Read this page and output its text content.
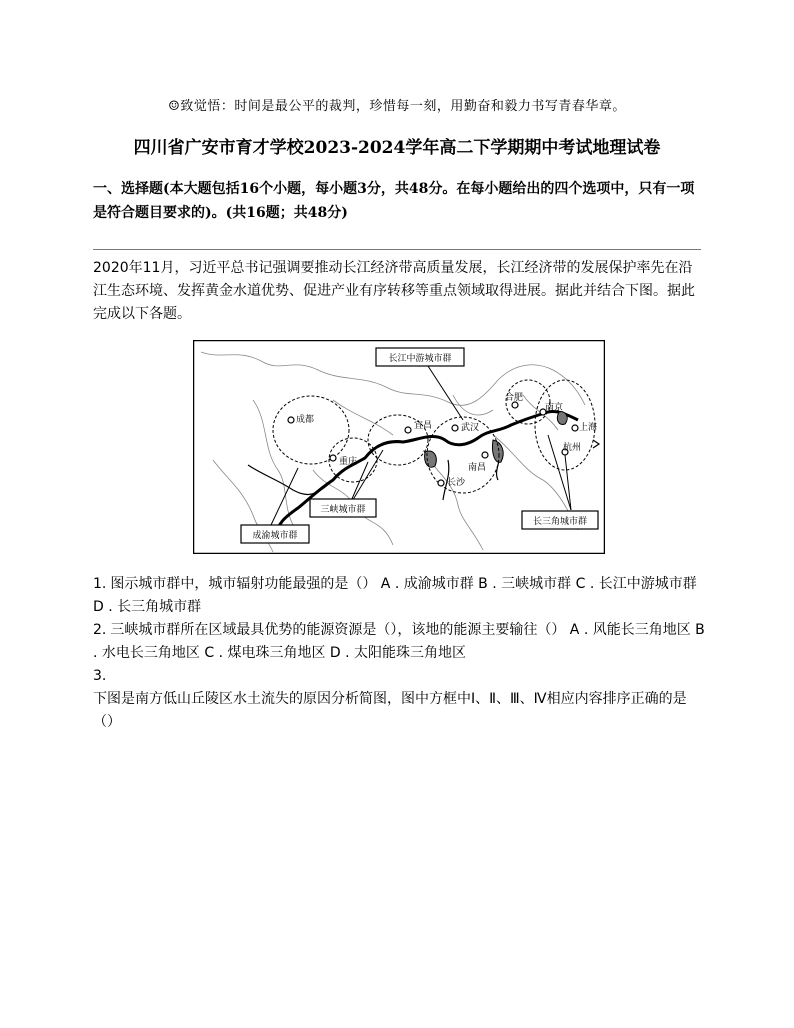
☺致觉悟：时间是最公平的裁判，珍惜每一刻，用勤奋和毅力书写青春华章。
四川省广安市育才学校2023-2024学年高二下学期期中考试地理试卷
一、选择题(本大题包括16个小题，每小题3分，共48分。在每小题给出的四个选项中，只有一项是符合题目要求的)。(共16题；共48分)
2020年11月，习近平总书记强调要推动长江经济带高质量发展，长江经济带的发展保护率先在沿江生态环境、发挥黄金水道优势、促进产业有序转移等重点领域取得进展。据此并结合下图。据此完成以下各题。
成都
重庆
宜昌	武汉
长沙
南昌
合肥
南京
上海
杭州
长江中游城市群
三峡城市群
成渝城市群
长三角城市群

1. 图示城市群中，城市辐射功能最强的是（） A . 成渝城市群 B . 三峡城市群 C . 长江中游城市群 D . 长三角城市群

2. 三峡城市群所在区域最具优势的能源资源是（），该地的能源主要输往（） A . 风能长三角地区 B . 水电长三角地区 C . 煤电珠三角地区 D . 太阳能珠三角地区

3.

下图是南方低山丘陵区水土流失的原因分析简图，图中方框中Ⅰ、Ⅱ、Ⅲ、Ⅳ相应内容排序正确的是（）
